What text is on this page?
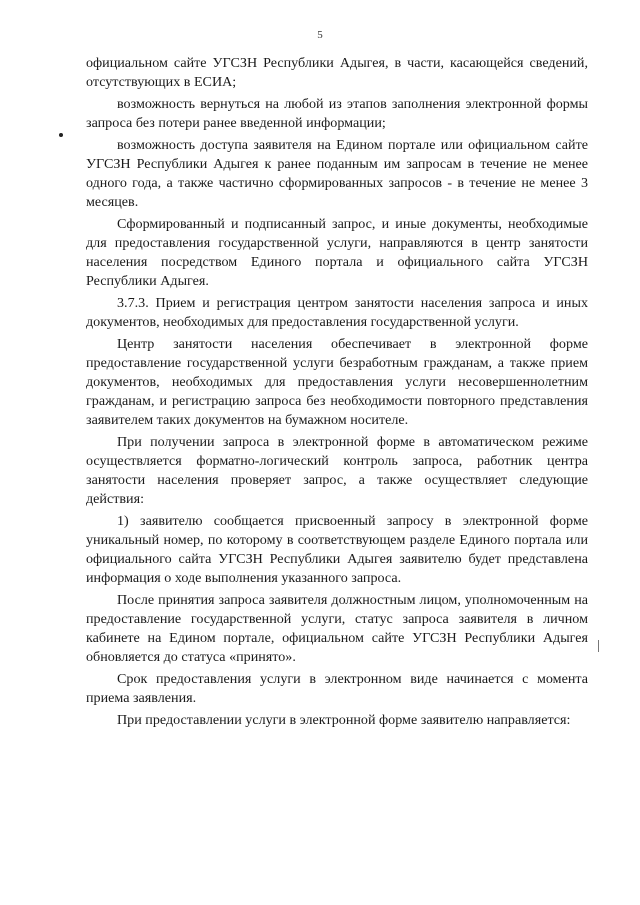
5

официальном сайте УГСЗН Республики Адыгея, в части, касающейся сведений, отсутствующих в ЕСИА;

возможность вернуться на любой из этапов заполнения электронной формы запроса без потери ранее введенной информации;

возможность доступа заявителя на Едином портале или официальном сайте УГСЗН Республики Адыгея к ранее поданным им запросам в течение не менее одного года, а также частично сформированных запросов - в течение не менее 3 месяцев.

Сформированный и подписанный запрос, и иные документы, необходимые для предоставления государственной услуги, направляются в центр занятости населения посредством Единого портала и официального сайта УГСЗН Республики Адыгея.

3.7.3. Прием и регистрация центром занятости населения запроса и иных документов, необходимых для предоставления государственной услуги.

Центр занятости населения обеспечивает в электронной форме предоставление государственной услуги безработным гражданам, а также прием документов, необходимых для предоставления услуги несовершеннолетним гражданам, и регистрацию запроса без необходимости повторного представления заявителем таких документов на бумажном носителе.

При получении запроса в электронной форме в автоматическом режиме осуществляется форматно-логический контроль запроса, работник центра занятости населения проверяет запрос, а также осуществляет следующие действия:

1) заявителю сообщается присвоенный запросу в электронной форме уникальный номер, по которому в соответствующем разделе Единого портала или официального сайта УГСЗН Республики Адыгея заявителю будет представлена информация о ходе выполнения указанного запроса.

После принятия запроса заявителя должностным лицом, уполномоченным на предоставление государственной услуги, статус запроса заявителя в личном кабинете на Едином портале, официальном сайте УГСЗН Республики Адыгея обновляется до статуса «принято».

Срок предоставления услуги в электронном виде начинается с момента приема заявления.

При предоставлении услуги в электронной форме заявителю направляется:
